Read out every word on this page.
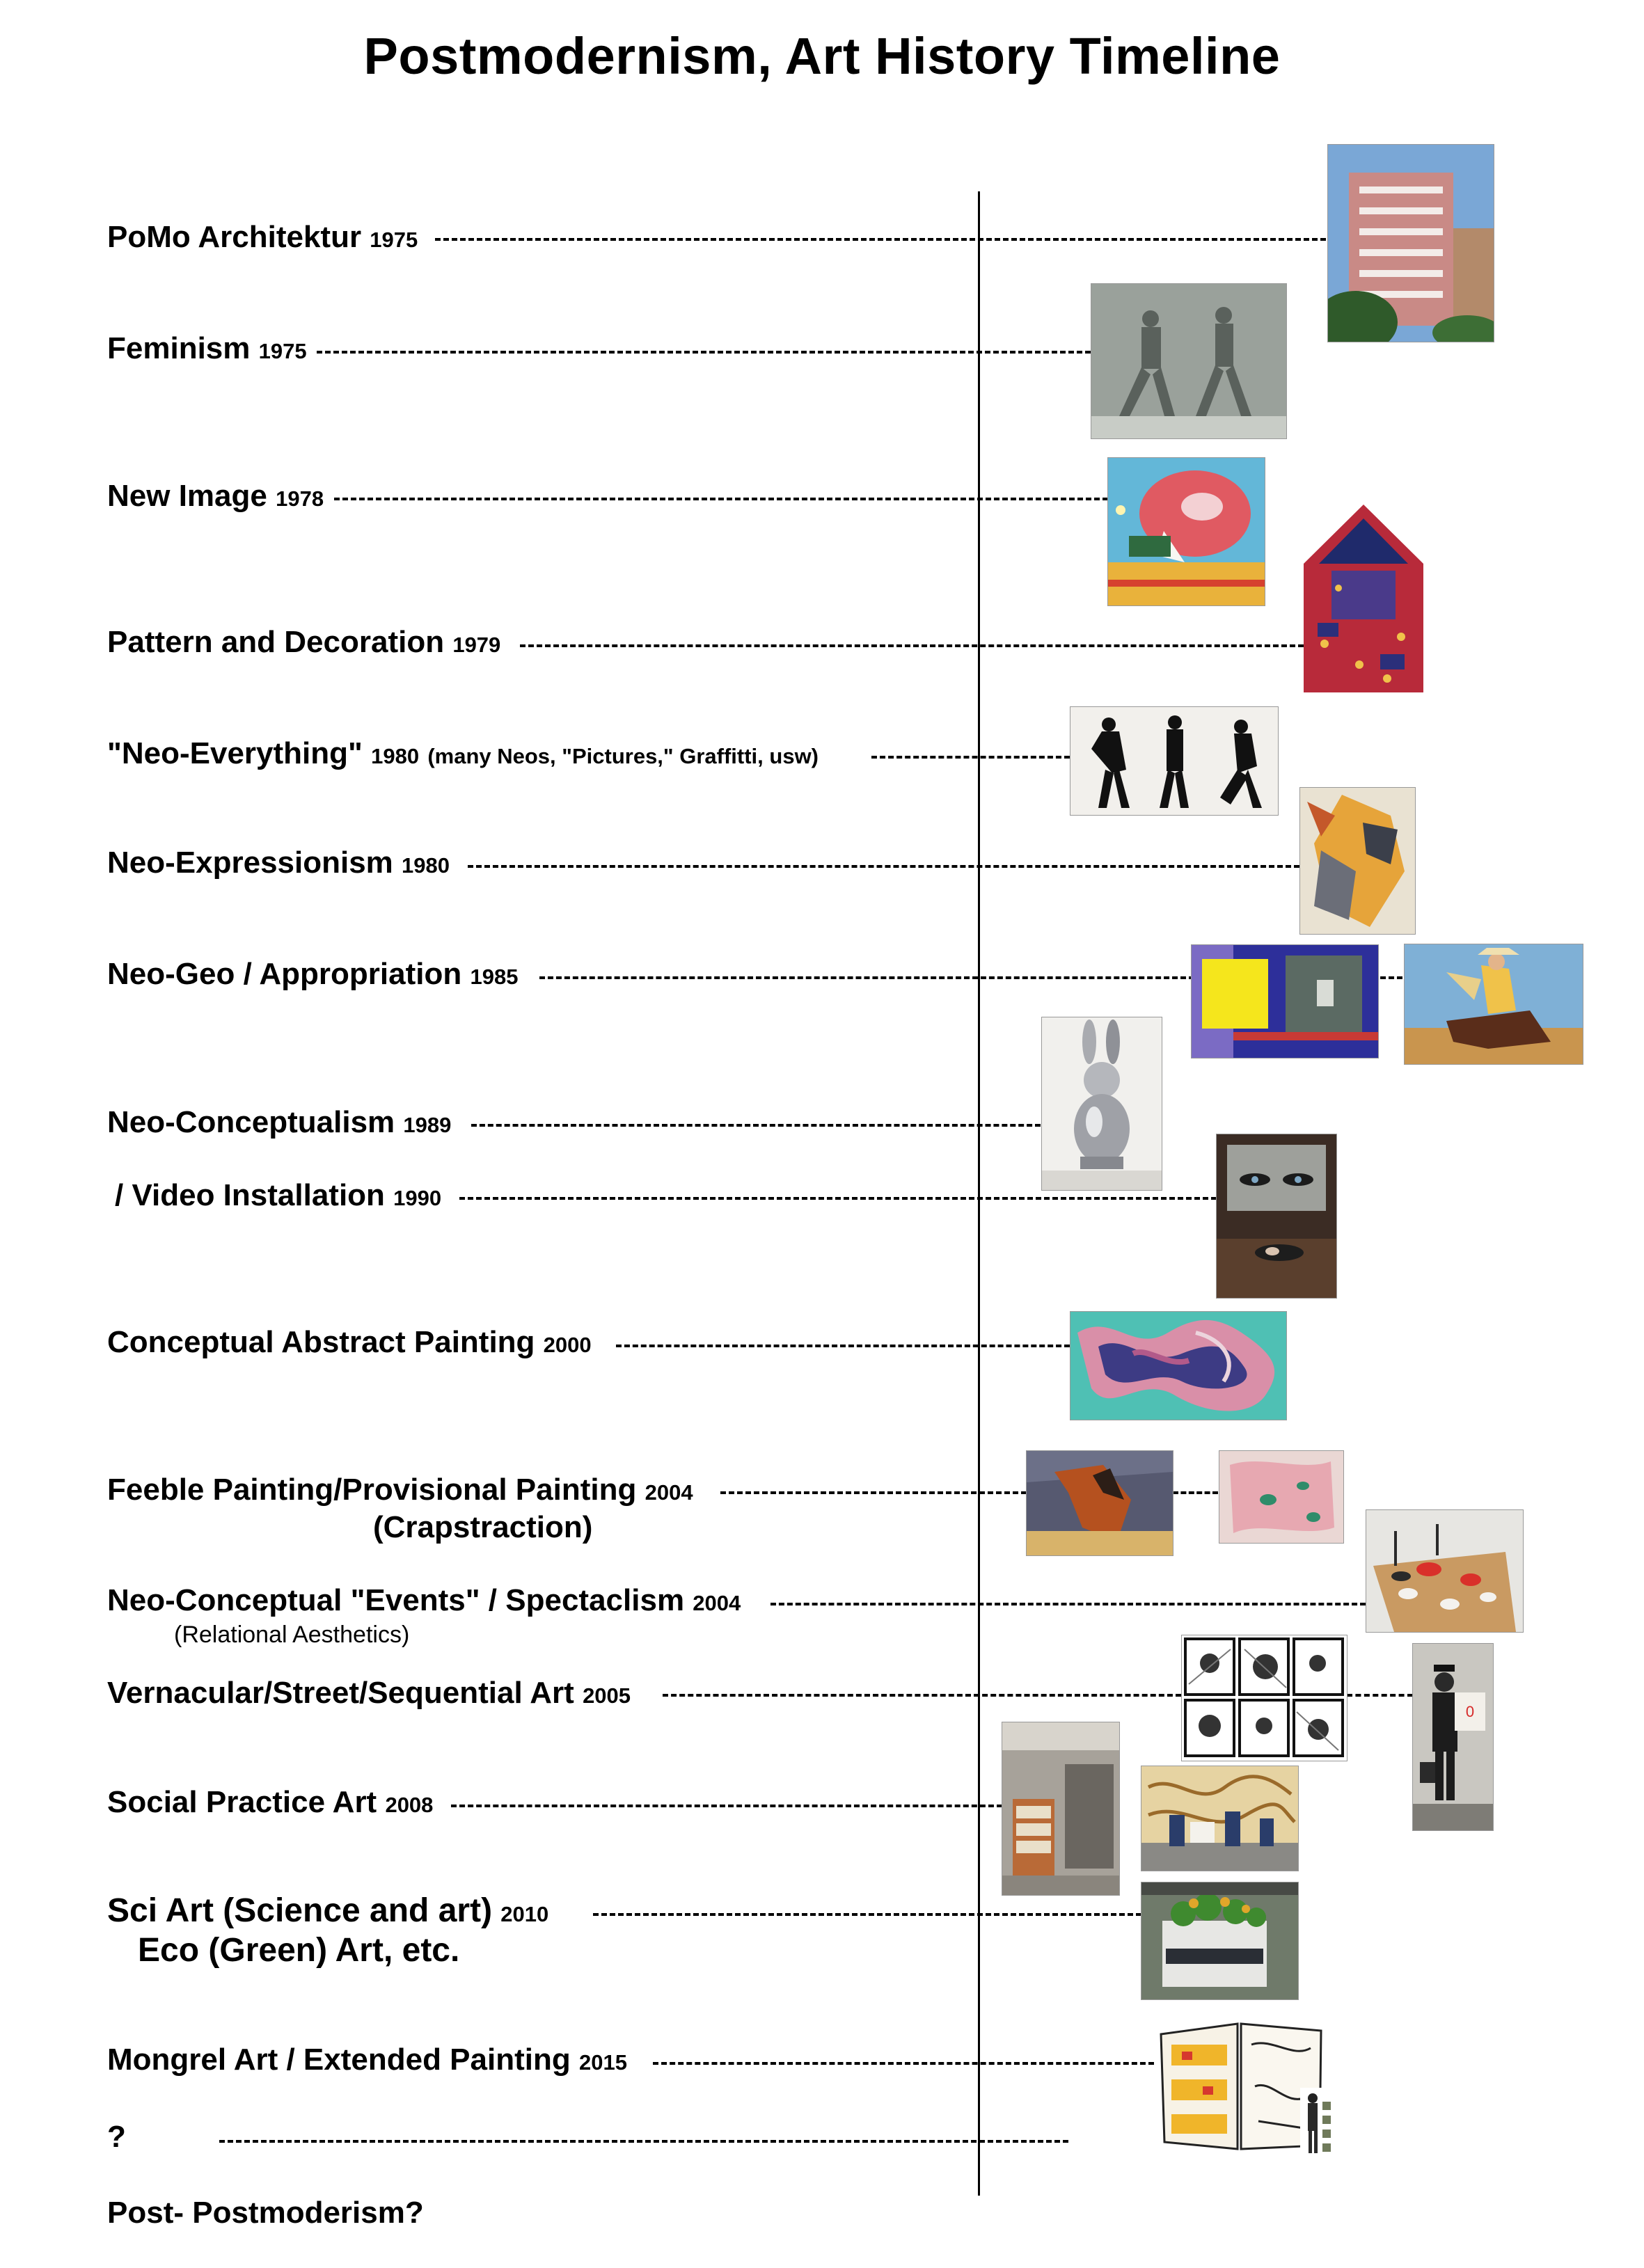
Postmodernism, Art History Timeline
PoMo Architektur 1975
Feminism 1975
New Image 1978
Pattern and Decoration 1979
"Neo-Everything" 1980 (many Neos, "Pictures," Graffitti, usw)
Neo-Expressionism 1980
Neo-Geo / Appropriation 1985
Neo-Conceptualism 1989
/ Video Installation 1990
Conceptual Abstract Painting 2000
Feeble Painting/Provisional Painting 2004
(Crapstraction)
Neo-Conceptual "Events" / Spectaclism 2004
(Relational Aesthetics)
Vernacular/Street/Sequential Art 2005
0
Social Practice Art 2008
Sci Art (Science and art) 2010
Eco (Green) Art, etc.
Mongrel Art / Extended Painting 2015
?
Post- Postmoderism?
